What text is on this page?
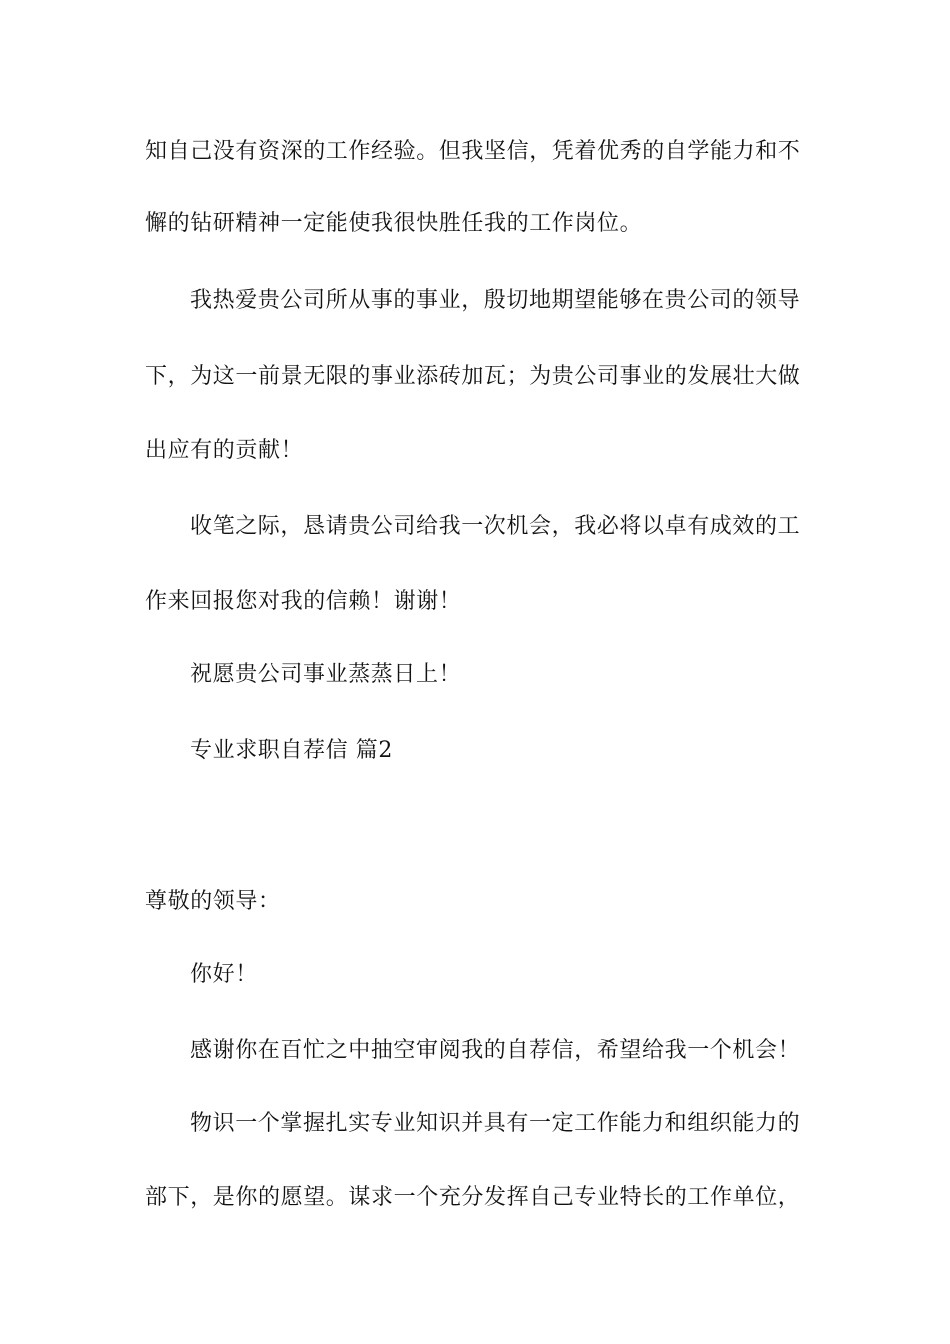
知自己没有资深的工作经验。但我坚信，凭着优秀的自学能力和不
懈的钻研精神一定能使我很快胜任我的工作岗位。
我热爱贵公司所从事的事业，殷切地期望能够在贵公司的领导
下，为这一前景无限的事业添砖加瓦；为贵公司事业的发展壮大做
出应有的贡献！
收笔之际，恳请贵公司给我一次机会，我必将以卓有成效的工
作来回报您对我的信赖！谢谢！
祝愿贵公司事业蒸蒸日上！
专业求职自荐信 篇2
尊敬的领导：
你好！
感谢你在百忙之中抽空审阅我的自荐信，希望给我一个机会！
物识一个掌握扎实专业知识并具有一定工作能力和组织能力的
部下，是你的愿望。谋求一个充分发挥自己专业特长的工作单位，
